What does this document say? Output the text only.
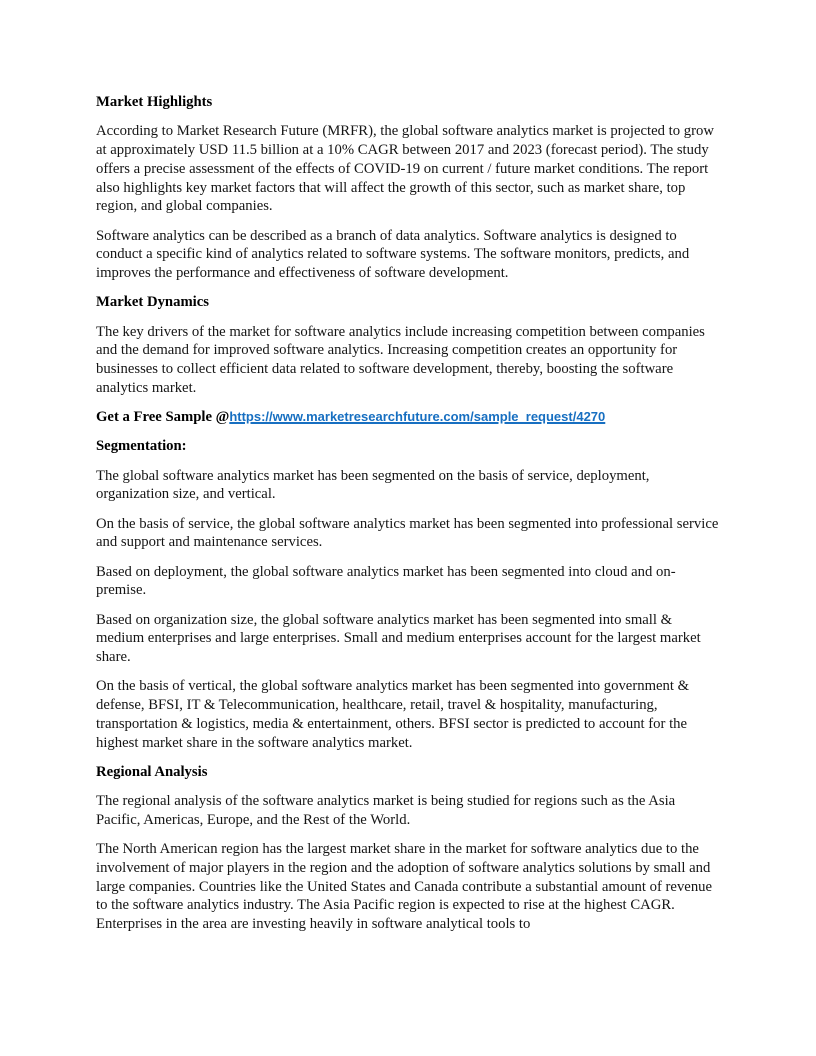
Market Highlights

According to Market Research Future (MRFR), the global software analytics market is projected to grow at approximately USD 11.5 billion at a 10% CAGR between 2017 and 2023 (forecast period). The study offers a precise assessment of the effects of COVID-19 on current / future market conditions. The report also highlights key market factors that will affect the growth of this sector, such as market share, top region, and global companies.

Software analytics can be described as a branch of data analytics. Software analytics is designed to conduct a specific kind of analytics related to software systems. The software monitors, predicts, and improves the performance and effectiveness of software development.

Market Dynamics

The key drivers of the market for software analytics include increasing competition between companies and the demand for improved software analytics. Increasing competition creates an opportunity for businesses to collect efficient data related to software development, thereby, boosting the software analytics market.

Get a Free Sample @https://www.marketresearchfuture.com/sample_request/4270

Segmentation:

The global software analytics market has been segmented on the basis of service, deployment, organization size, and vertical.

On the basis of service, the global software analytics market has been segmented into professional service and support and maintenance services.

Based on deployment, the global software analytics market has been segmented into cloud and on-premise.

Based on organization size, the global software analytics market has been segmented into small & medium enterprises and large enterprises. Small and medium enterprises account for the largest market share.

On the basis of vertical, the global software analytics market has been segmented into government & defense, BFSI, IT & Telecommunication, healthcare, retail, travel & hospitality, manufacturing, transportation & logistics, media & entertainment, others. BFSI sector is predicted to account for the highest market share in the software analytics market.

Regional Analysis

The regional analysis of the software analytics market is being studied for regions such as the Asia Pacific, Americas, Europe, and the Rest of the World.

The North American region has the largest market share in the market for software analytics due to the involvement of major players in the region and the adoption of software analytics solutions by small and large companies. Countries like the United States and Canada contribute a substantial amount of revenue to the software analytics industry. The Asia Pacific region is expected to rise at the highest CAGR. Enterprises in the area are investing heavily in software analytical tools to
